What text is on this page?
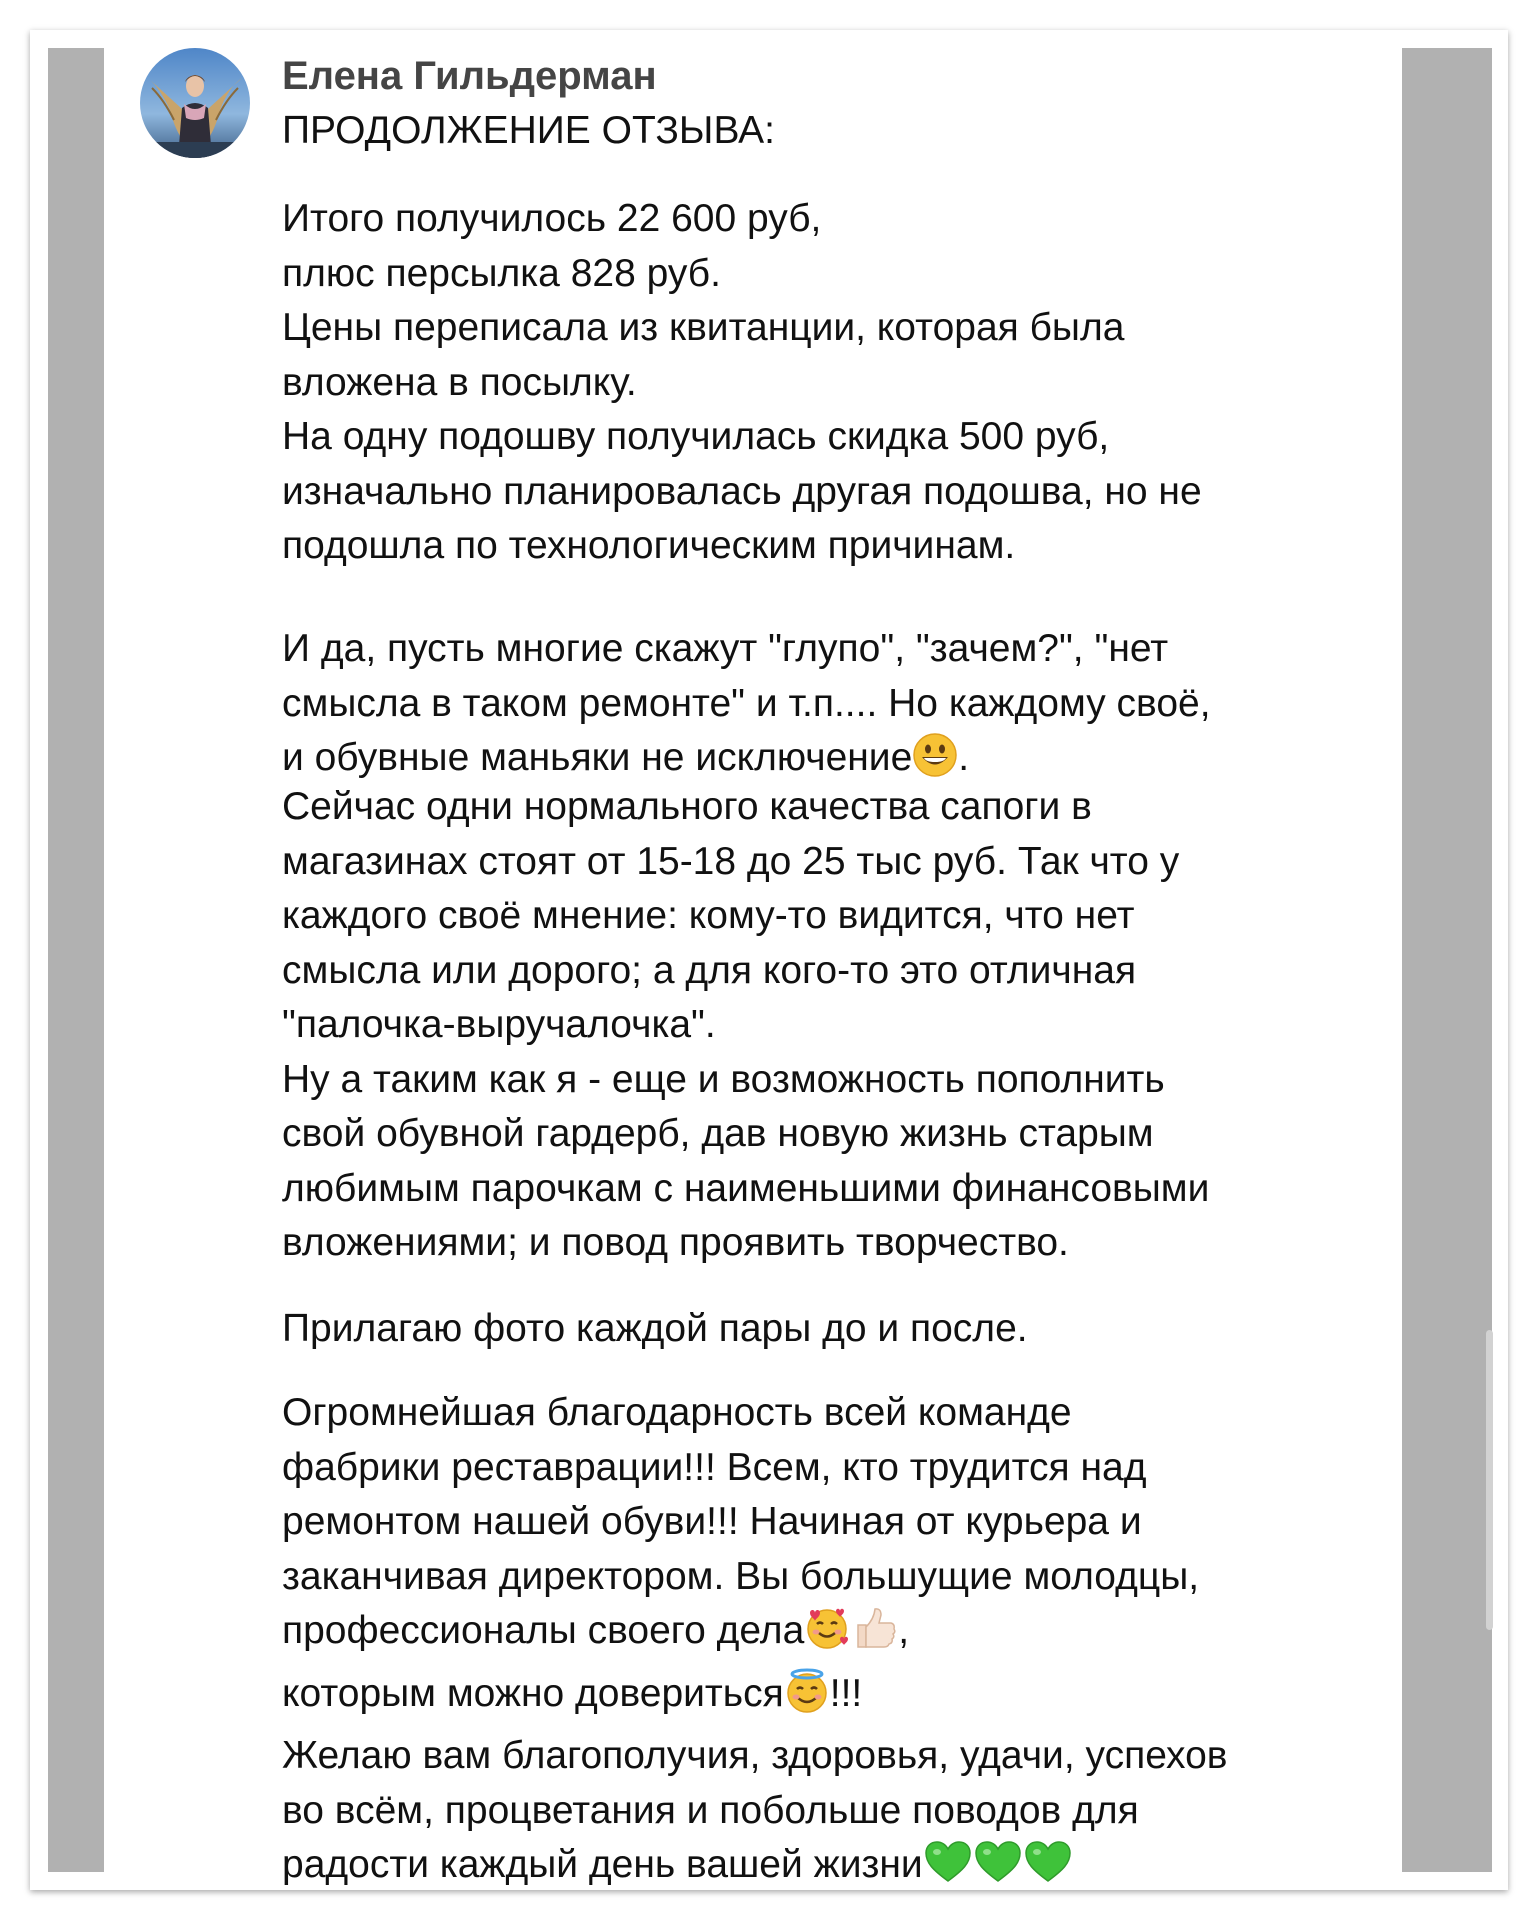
Елена Гильдерман
ПРОДОЛЖЕНИЕ ОТЗЫВА:
Итого получилось 22 600 руб,
плюс персылка 828 руб.
Цены переписала из квитанции, которая была
вложена в посылку.
На одну подошву получилась скидка 500 руб,
изначально планировалась другая подошва, но не
подошла по технологическим причинам.
И да, пусть многие скажут "глупо", "зачем?", "нет
смысла в таком ремонте" и т.п.... Но каждому своё,
и обувные маньяки не исключение .
Сейчас одни нормального качества сапоги в
магазинах стоят от 15-18 до 25 тыс руб. Так что у
каждого своё мнение: кому-то видится, что нет
смысла или дорого; а для кого-то это отличная
"палочка-выручалочка".
Ну а таким как я - еще и возможность пополнить
свой обувной гардерб, дав новую жизнь старым
любимым парочкам с наименьшими финансовыми
вложениями; и повод проявить творчество.
Прилагаю фото каждой пары до и после.
Огромнейшая благодарность всей команде
фабрики реставрации!!! Всем, кто трудится над
ремонтом нашей обуви!!! Начиная от курьера и
заканчивая директором. Вы большущие молодцы,
профессионалы своего дела ,
которым можно довериться !!!
Желаю вам благополучия, здоровья, удачи, успехов
во всём, процветания и побольше поводов для
радости каждый день вашей жизни
